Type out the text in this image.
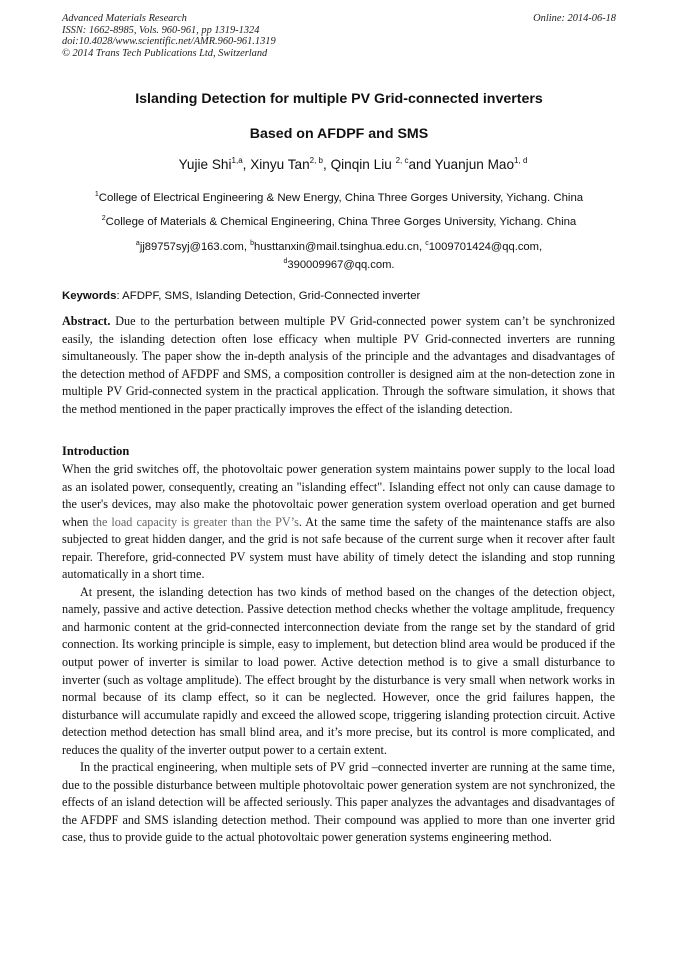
Advanced Materials Research
ISSN: 1662-8985, Vols. 960-961, pp 1319-1324
doi:10.4028/www.scientific.net/AMR.960-961.1319
© 2014 Trans Tech Publications Ltd, Switzerland
Online: 2014-06-18
Islanding Detection for multiple PV Grid-connected inverters
Based on AFDPF and SMS
Yujie Shi$^{1,a}$, Xinyu Tan$^{2, b}$, Qinqin Liu $^{2, c}$and Yuanjun Mao$^{1, d}$
$^1$College of Electrical Engineering & New Energy, China Three Gorges University, Yichang. China
$^2$College of Materials & Chemical Engineering, China Three Gorges University, Yichang. China
$^a$jj89757syj@163.com, $^b$husttanxin@mail.tsinghua.edu.cn, $^c$1009701424@qq.com,
$^d$390009967@qq.com.
Keywords: AFDPF, SMS, Islanding Detection, Grid-Connected inverter

Abstract. Due to the perturbation between multiple PV Grid-connected power system can’t be synchronized easily, the islanding detection often lose efficacy when multiple PV Grid-connected inverters are running simultaneously. The paper show the in-depth analysis of the principle and the advantages and disadvantages of the detection method of AFDPF and SMS, a composition controller is designed aim at the non-detection zone in multiple PV Grid-connected system in the practical application. Through the software simulation, it shows that the method mentioned in the paper practically improves the effect of the islanding detection.

Introduction

When the grid switches off, the photovoltaic power generation system maintains power supply to the local load as an isolated power, consequently, creating an "islanding effect". Islanding effect not only can cause damage to the user's devices, may also make the photovoltaic power generation system overload operation and get burned when the load capacity is greater than the PV’s. At the same time the safety of the maintenance staffs are also subjected to great hidden danger, and the grid is not safe because of the current surge when it recover after fault repair. Therefore, grid-connected PV system must have ability of timely detect the islanding and stop running automatically in a short time.

At present, the islanding detection has two kinds of method based on the changes of the detection object, namely, passive and active detection. Passive detection method checks whether the voltage amplitude, frequency and harmonic content at the grid-connected interconnection deviate from the range set by the standard of grid connection. Its working principle is simple, easy to implement, but detection blind area would be produced if the output power of inverter is similar to load power. Active detection method is to give a small disturbance to inverter (such as voltage amplitude). The effect brought by the disturbance is very small when network works in normal because of its clamp effect, so it can be neglected. However, once the grid failures happen, the disturbance will accumulate rapidly and exceed the allowed scope, triggering islanding protection circuit. Active detection method detection has small blind area, and it’s more precise, but its control is more complicated, and reduces the quality of the inverter output power to a certain extent.

In the practical engineering, when multiple sets of PV grid –connected inverter are running at the same time, due to the possible disturbance between multiple photovoltaic power generation system are not synchronized, the effects of an island detection will be affected seriously. This paper analyzes the advantages and disadvantages of the AFDPF and SMS islanding detection method. Their compound was applied to more than one inverter grid case, thus to provide guide to the actual photovoltaic power generation systems engineering method.
